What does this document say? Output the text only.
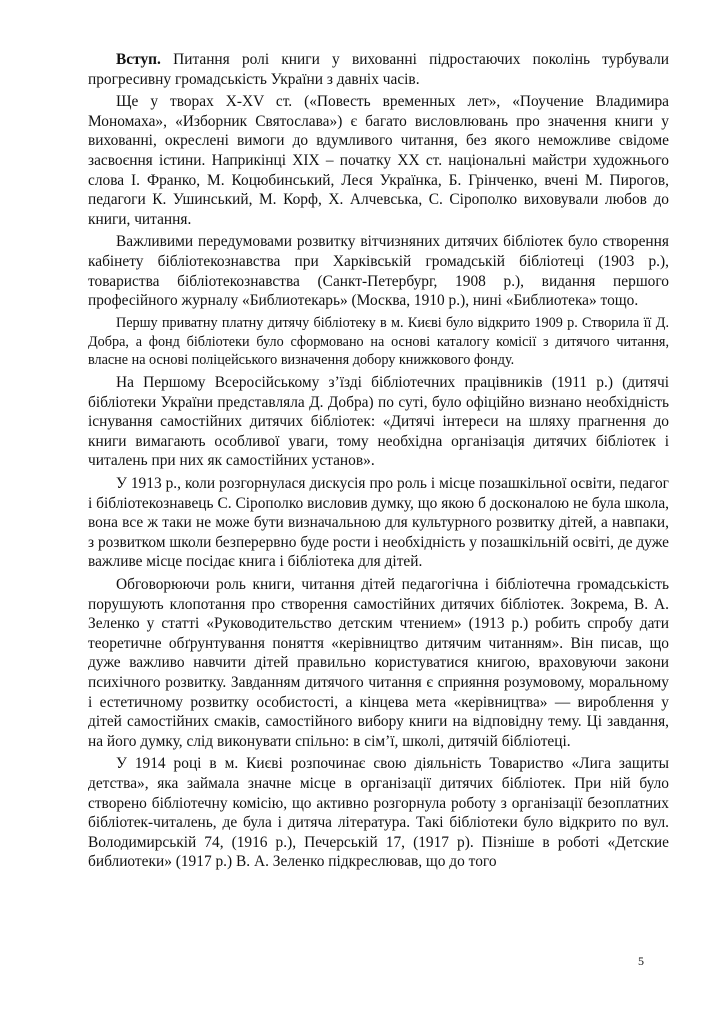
Вступ. Питання ролі книги у вихованні підростаючих поколінь турбували прогресивну громадськість України з давніх часів.

Ще у творах X-XV ст. («Повесть временных лет», «Поучение Владимира Мономаха», «Изборник Святослава») є багато висловлювань про значення книги у вихованні, окреслені вимоги до вдумливого читання, без якого неможливе свідоме засвоєння істини. Наприкінці XIX – початку XX ст. національні майстри художнього слова І. Франко, М. Коцюбинський, Леся Українка, Б. Грінченко, вчені М. Пирогов, педагоги К. Ушинський, М. Корф, Х. Алчевська, С. Сірополко виховували любов до книги, читання.

Важливими передумовами розвитку вітчизняних дитячих бібліотек було створення кабінету бібліотекознавства при Харківській громадській бібліотеці (1903 р.), товариства бібліотекознавства (Санкт-Петербург, 1908 р.), видання першого професійного журналу «Библиотекарь» (Москва, 1910 р.), нині «Библиотека» тощо.

Першу приватну платну дитячу бібліотеку в м. Києві було відкрито 1909 р. Створила її Д. Добра, а фонд бібліотеки було сформовано на основі каталогу комісії з дитячого читання, власне на основі поліцейського визначення добору книжкового фонду.

На Першому Всеросійському з’їзді бібліотечних працівників (1911 р.) (дитячі бібліотеки України представляла Д. Добра) по суті, було офіційно визнано необхідність існування самостійних дитячих бібліотек: «Дитячі інтереси на шляху прагнення до книги вимагають особливої уваги, тому необхідна організація дитячих бібліотек і читалень при них як самостійних установ».

У 1913 р., коли розгорнулася дискусія про роль і місце позашкільної освіти, педагог і бібліотекознавець С. Сірополко висловив думку, що якою б досконалою не була школа, вона все ж таки не може бути визначальною для культурного розвитку дітей, а навпаки, з розвитком школи безперервно буде рости і необхідність у позашкільній освіті, де дуже важливе місце посідає книга і бібліотека для дітей.

Обговорюючи роль книги, читання дітей педагогічна і бібліотечна громадськість порушують клопотання про створення самостійних дитячих бібліотек. Зокрема, В. А. Зеленко у статті «Руководительство детским чтением» (1913 р.) робить спробу дати теоретичне обґрунтування поняття «керівництво дитячим читанням». Він писав, що дуже важливо навчити дітей правильно користуватися книгою, враховуючи закони психічного розвитку. Завданням дитячого читання є сприяння розумовому, моральному і естетичному розвитку особистості, а кінцева мета «керівництва» — вироблення у дітей самостійних смаків, самостійного вибору книги на відповідну тему. Ці завдання, на його думку, слід виконувати спільно: в сім’ї, школі, дитячій бібліотеці.

У 1914 році в м. Києві розпочинає свою діяльність Товариство «Лига защиты детства», яка займала значне місце в організації дитячих бібліотек. При ній було створено бібліотечну комісію, що активно розгорнула роботу з організації безоплатних бібліотек-читалень, де була і дитяча література. Такі бібліотеки було відкрито по вул. Володимирській 74, (1916 р.), Печерській 17, (1917 р). Пізніше в роботі «Детские библиотеки» (1917 р.) В. А. Зеленко підкреслював, що до того

5
